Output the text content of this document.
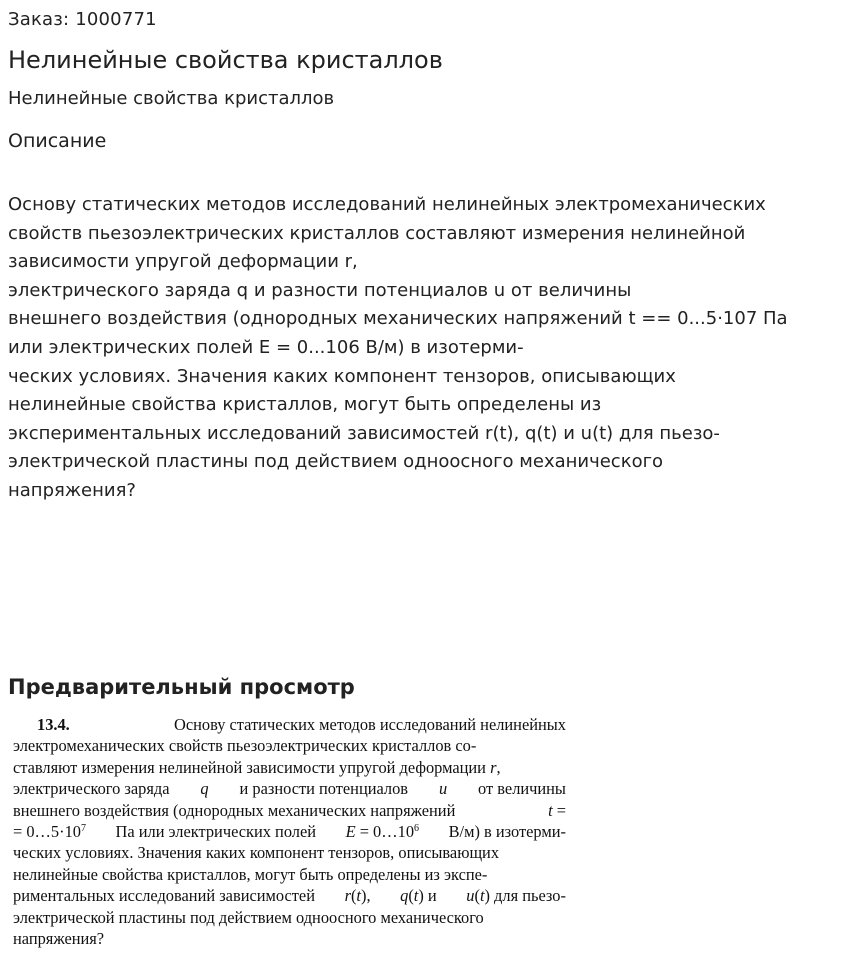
Заказ: 1000771
Нелинейные свойства кристаллов
Нелинейные свойства кристаллов
Описание
Основу статических методов исследований нелинейных электромеханических
свойств пьезоэлектрических кристаллов составляют измерения нелинейной
зависимости упругой деформации r,
электрического заряда q и разности потенциалов u от величины
внешнего воздействия (однородных механических напряжений t == 0...5·107 Па
или электрических полей E = 0...106 В/м) в изотерми-
ческих условиях. Значения каких компонент тензоров, описывающих
нелинейные свойства кристаллов, могут быть определены из
экспериментальных исследований зависимостей r(t), q(t) и u(t) для пьезо-
электрической пластины под действием одноосного механического
напряжения?
Предварительный просмотр
13.4.
	Основу статических методов исследований нелинейных
электромеханических свойств пьезоэлектрических кристаллов со-
ставляют измерения нелинейной зависимости упругой деформации r,
электрического заряда q и разности потенциалов u от величины
внешнего воздействия (однородных механических напряжений	t =
= $0\dots 5\cdot 10^7$ Па или электрических полей $E = 0\dots 10^6$ В/м) в изотерми-
ческих условиях. Значения каких компонент тензоров, описывающих
нелинейные свойства кристаллов, могут быть определены из экспе-
риментальных исследований зависимостей r(t), q(t) и u(t) для пьезо-
электрической пластины под действием одноосного механического
напряжения?
